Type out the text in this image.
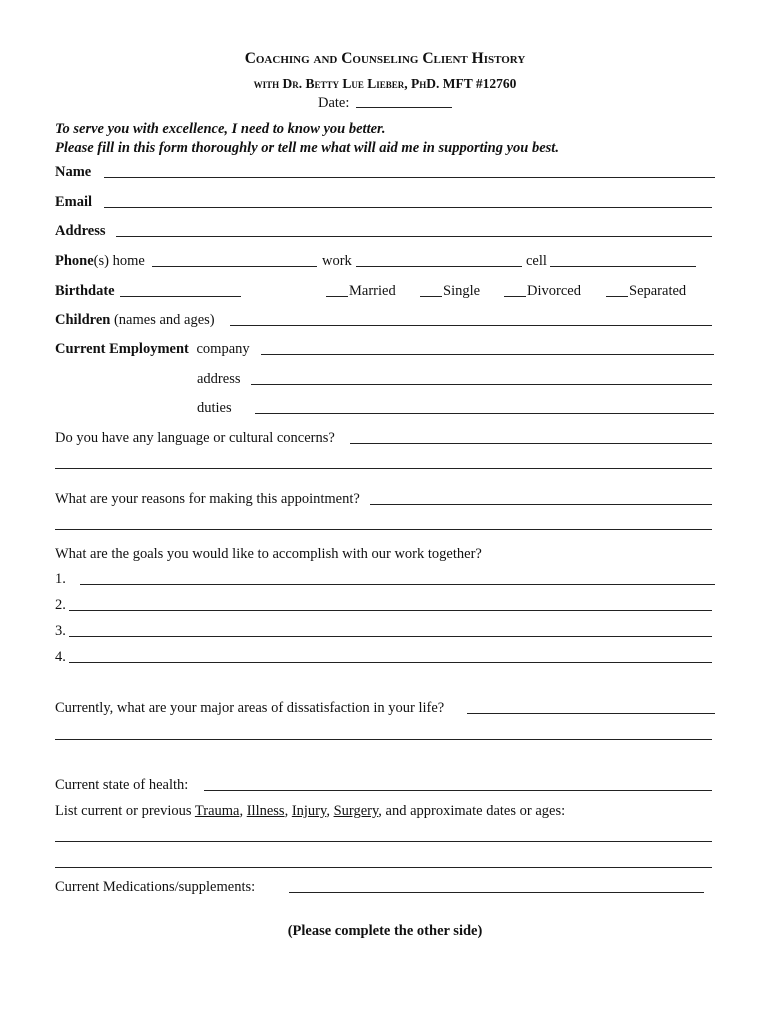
Coaching and Counseling Client History
with Dr. Betty Lue Lieber, PhD. MFT #12760
Date:
To serve you with excellence, I need to know you better.
Please fill in this form thoroughly or tell me what will aid me in supporting you best.
Name
Email
Address
Phone(s) home	work	cell
Birthdate	Married	Single	Divorced	Separated
Children (names and ages)
Current Employment company
address
duties
Do you have any language or cultural concerns?
What are your reasons for making this appointment?
What are the goals you would like to accomplish with our work together?
1.
2.
3.
4.
Currently, what are your major areas of dissatisfaction in your life?
Current state of health:
List current or previous Trauma, Illness, Injury, Surgery, and approximate dates or ages:
Current Medications/supplements:
(Please complete the other side)
